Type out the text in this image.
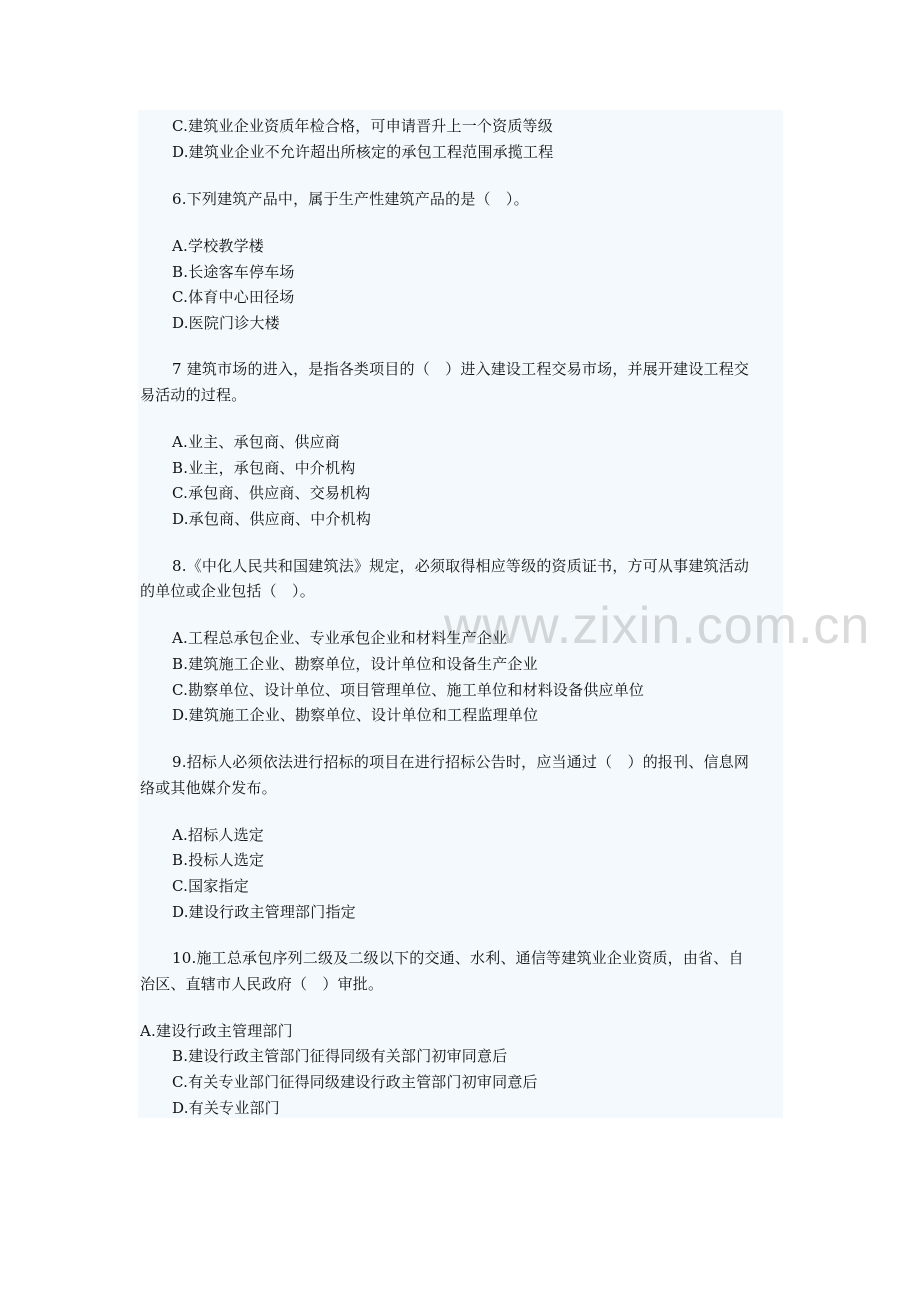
www.zixin.com.cn
C.建筑业企业资质年检合格，可申请晋升上一个资质等级
D.建筑业企业不允许超出所核定的承包工程范围承揽工程
6.下列建筑产品中，属于生产性建筑产品的是（　）。
A.学校教学楼
B.长途客车停车场
C.体育中心田径场
D.医院门诊大楼
7 建筑市场的进入，是指各类项目的（　）进入建设工程交易市场，并展开建设工程交
易活动的过程。
A.业主、承包商、供应商
B.业主，承包商、中介机构
C.承包商、供应商、交易机构
D.承包商、供应商、中介机构
8.《中化人民共和国建筑法》规定，必须取得相应等级的资质证书，方可从事建筑活动
的单位或企业包括（　）。
A.工程总承包企业、专业承包企业和材料生产企业
B.建筑施工企业、勘察单位，设计单位和设备生产企业
C.勘察单位、设计单位、项目管理单位、施工单位和材料设备供应单位
D.建筑施工企业、勘察单位、设计单位和工程监理单位
9.招标人必须依法进行招标的项目在进行招标公告时，应当通过（　）的报刊、信息网
络或其他媒介发布。
A.招标人选定
B.投标人选定
C.国家指定
D.建设行政主管理部门指定
10.施工总承包序列二级及二级以下的交通、水利、通信等建筑业企业资质，由省、自
治区、直辖市人民政府（　）审批。
A.建设行政主管理部门
B.建设行政主管部门征得同级有关部门初审同意后
C.有关专业部门征得同级建设行政主管部门初审同意后
D.有关专业部门
